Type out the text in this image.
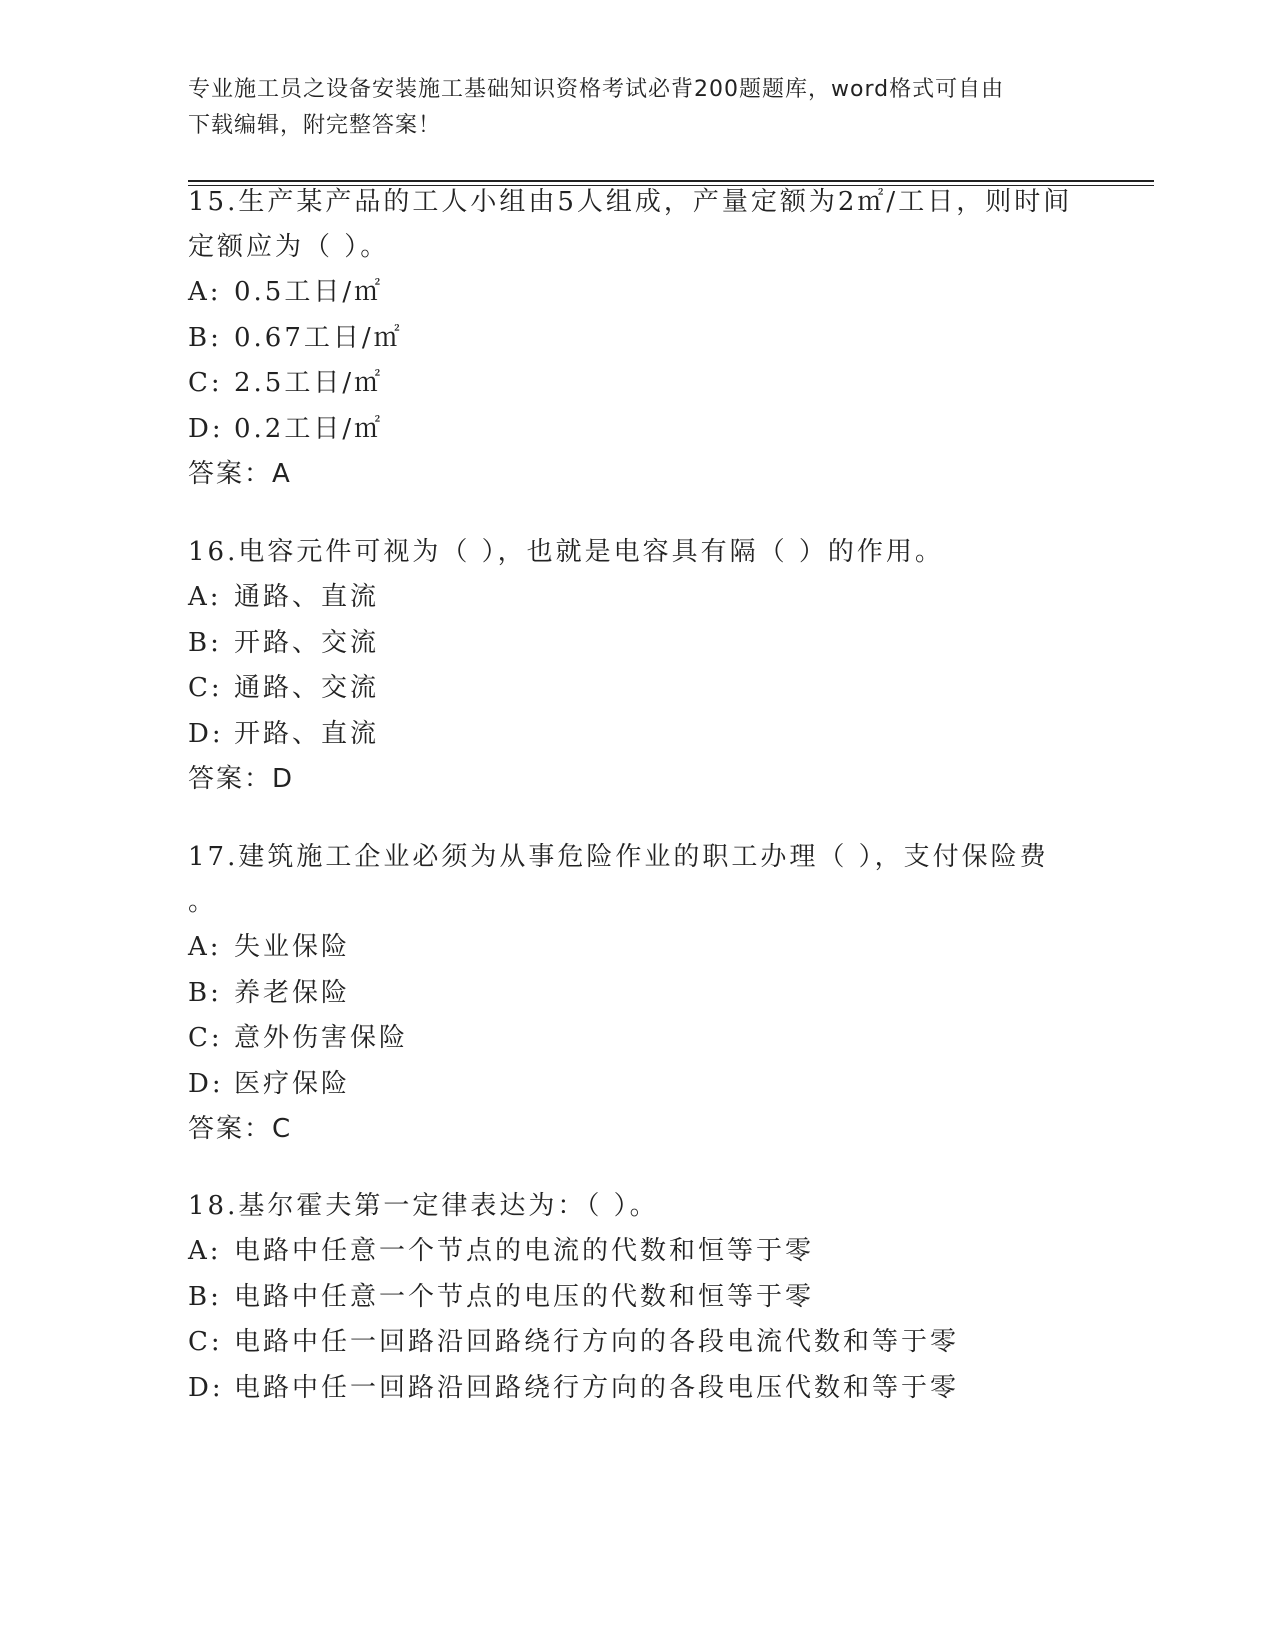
专业施工员之设备安装施工基础知识资格考试必背200题题库，word格式可自由
下载编辑，附完整答案！

15.生产某产品的工人小组由5人组成，产量定额为2㎡/工日，则时间

定额应为（ ）。

A: 0.5工日/㎡

B: 0.67工日/㎡

C: 2.5工日/㎡

D: 0.2工日/㎡

答案：A

16.电容元件可视为（ ），也就是电容具有隔（ ）的作用。

A: 通路、直流

B: 开路、交流

C: 通路、交流

D: 开路、直流

答案：D

17.建筑施工企业必须为从事危险作业的职工办理（ ），支付保险费

。

A: 失业保险

B: 养老保险

C: 意外伤害保险

D: 医疗保险

答案：C

18.基尔霍夫第一定律表达为：（ ）。

A: 电路中任意一个节点的电流的代数和恒等于零

B: 电路中任意一个节点的电压的代数和恒等于零

C: 电路中任一回路沿回路绕行方向的各段电流代数和等于零

D: 电路中任一回路沿回路绕行方向的各段电压代数和等于零
